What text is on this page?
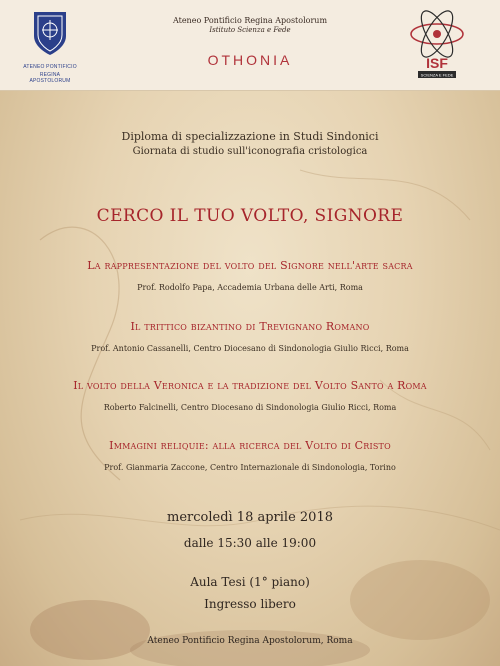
ATENEO PONTIFICIO
REGINA APOSTOLORUM
Ateneo Pontificio Regina Apostolorum
Istituto Scienza e Fede
OTHONIA	ISF
SCIENZA E FEDE
Diploma di specializzazione in Studi Sindonici
Giornata di studio sull'iconografia cristologica
CERCO IL TUO VOLTO, SIGNORE
La rappresentazione del volto del Signore nell'arte sacra
Prof. Rodolfo Papa, Accademia Urbana delle Arti, Roma
Il trittico bizantino di Trevignano Romano
Prof. Antonio Cassanelli, Centro Diocesano di Sindonologia Giulio Ricci, Roma
Il volto della Veronica e la tradizione del Volto Santo a Roma
Roberto Falcinelli, Centro Diocesano di Sindonologia Giulio Ricci, Roma
Immagini reliquie: alla ricerca del Volto di Cristo
Prof. Gianmaria Zaccone, Centro Internazionale di Sindonologia, Torino
mercoledì 18 aprile 2018
dalle 15:30 alle 19:00
Aula Tesi (1° piano)
Ingresso libero
Ateneo Pontificio Regina Apostolorum, Roma
